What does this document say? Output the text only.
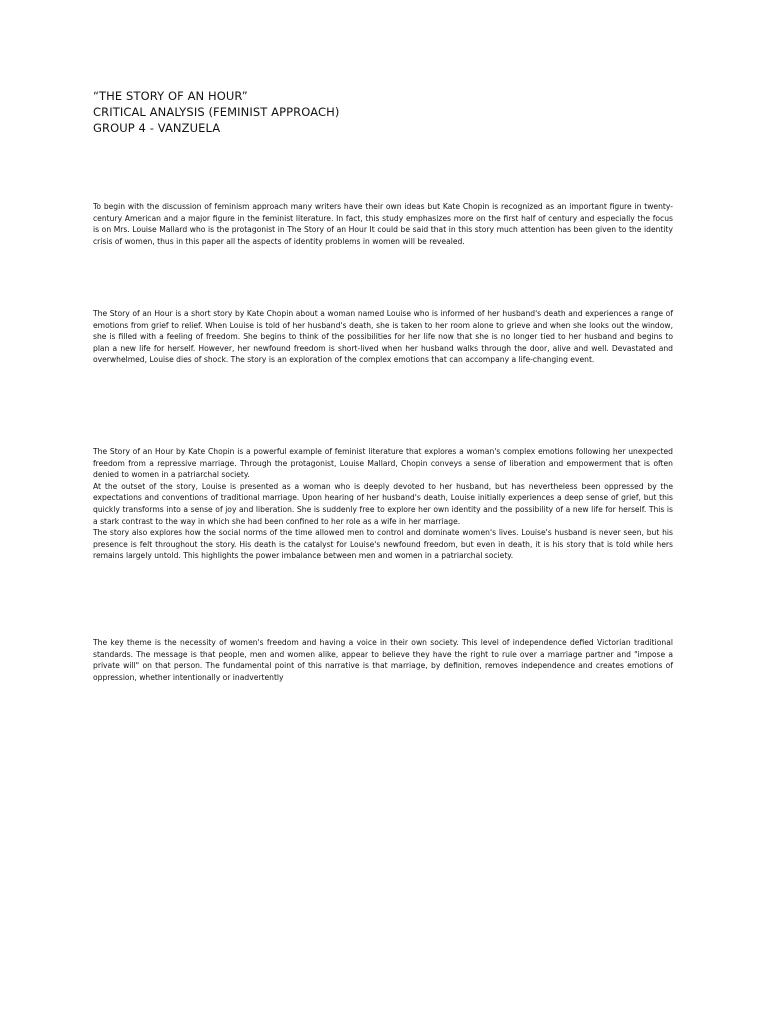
“THE STORY OF AN HOUR”
CRITICAL ANALYSIS (FEMINIST APPROACH)
GROUP 4 - VANZUELA

To begin with the discussion of feminism approach many writers have their own ideas but Kate Chopin is recognized as an important figure in twenty-century American and a major figure in the feminist literature. In fact, this study emphasizes more on the first half of century and especially the focus is on Mrs. Louise Mallard who is the protagonist in The Story of an Hour It could be said that in this story much attention has been given to the identity crisis of women, thus in this paper all the aspects of identity problems in women will be revealed.

The Story of an Hour is a short story by Kate Chopin about a woman named Louise who is informed of her husband's death and experiences a range of emotions from grief to relief. When Louise is told of her husband's death, she is taken to her room alone to grieve and when she looks out the window, she is filled with a feeling of freedom. She begins to think of the possibilities for her life now that she is no longer tied to her husband and begins to plan a new life for herself. However, her newfound freedom is short-lived when her husband walks through the door, alive and well. Devastated and overwhelmed, Louise dies of shock. The story is an exploration of the complex emotions that can accompany a life-changing event.

The Story of an Hour by Kate Chopin is a powerful example of feminist literature that explores a woman's complex emotions following her unexpected freedom from a repressive marriage. Through the protagonist, Louise Mallard, Chopin conveys a sense of liberation and empowerment that is often denied to women in a patriarchal society.
At the outset of the story, Louise is presented as a woman who is deeply devoted to her husband, but has nevertheless been oppressed by the expectations and conventions of traditional marriage. Upon hearing of her husband's death, Louise initially experiences a deep sense of grief, but this quickly transforms into a sense of joy and liberation. She is suddenly free to explore her own identity and the possibility of a new life for herself. This is a stark contrast to the way in which she had been confined to her role as a wife in her marriage.
The story also explores how the social norms of the time allowed men to control and dominate women's lives. Louise's husband is never seen, but his presence is felt throughout the story. His death is the catalyst for Louise's newfound freedom, but even in death, it is his story that is told while hers remains largely untold. This highlights the power imbalance between men and women in a patriarchal society.

The key theme is the necessity of women's freedom and having a voice in their own society. This level of independence defied Victorian traditional standards. The message is that people, men and women alike, appear to believe they have the right to rule over a marriage partner and "impose a private will" on that person. The fundamental point of this narrative is that marriage, by definition, removes independence and creates emotions of oppression, whether intentionally or inadvertently
